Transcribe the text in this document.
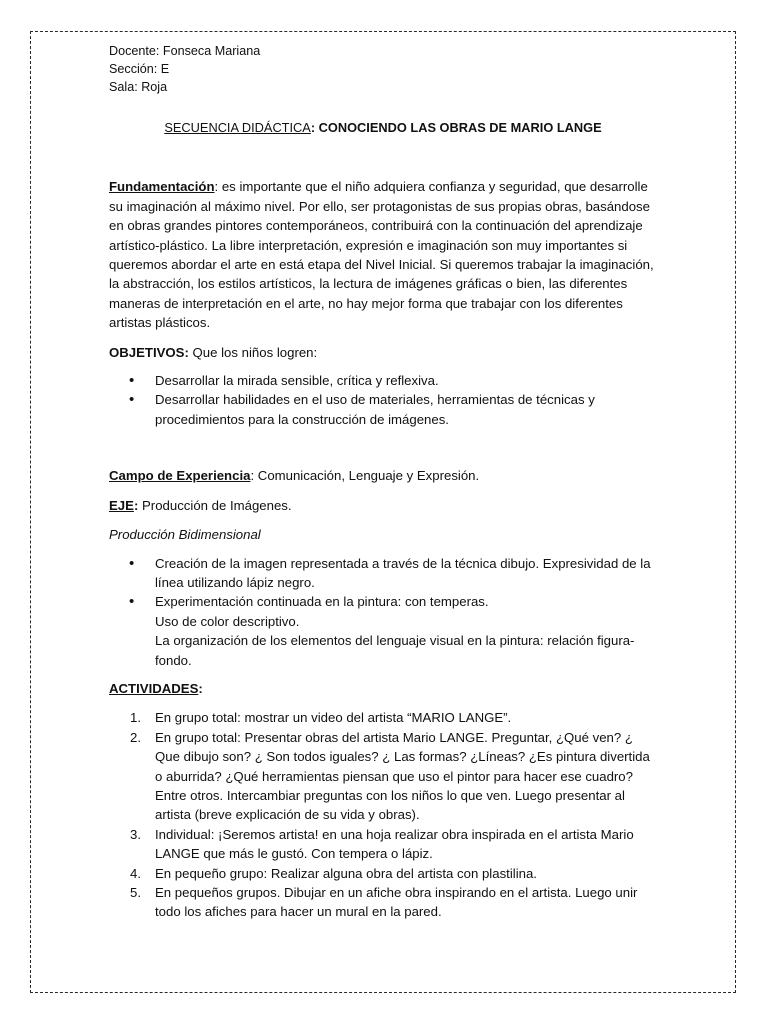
Docente: Fonseca Mariana
Sección: E
Sala: Roja
SECUENCIA DIDÁCTICA: CONOCIENDO LAS OBRAS DE MARIO LANGE

Fundamentación: es importante que el niño adquiera confianza y seguridad, que desarrolle su imaginación al máximo nivel. Por ello, ser protagonistas de sus propias obras, basándose en obras grandes pintores contemporáneos, contribuirá con la continuación del aprendizaje artístico-plástico. La libre interpretación, expresión e imaginación son muy importantes si queremos abordar el arte en está etapa del Nivel Inicial. Si queremos trabajar la imaginación, la abstracción, los estilos artísticos, la lectura de imágenes gráficas o bien, las diferentes maneras de interpretación en el arte, no hay mejor forma que trabajar con los diferentes artistas plásticos.

OBJETIVOS: Que los niños logren:

• Desarrollar la mirada sensible, crítica y reflexiva.
• Desarrollar habilidades en el uso de materiales, herramientas de técnicas y procedimientos para la construcción de imágenes.

Campo de Experiencia: Comunicación, Lenguaje y Expresión.

EJE: Producción de Imágenes.

Producción Bidimensional

• Creación de la imagen representada a través de la técnica dibujo. Expresividad de la línea utilizando lápiz negro.
• Experimentación continuada en la pintura: con temperas.
Uso de color descriptivo.
La organización de los elementos del lenguaje visual en la pintura: relación figura-fondo.

ACTIVIDADES:

1. En grupo total: mostrar un video del artista “MARIO LANGE”.
2. En grupo total: Presentar obras del artista Mario LANGE. Preguntar, ¿Qué ven? ¿ Que dibujo son? ¿ Son todos iguales? ¿ Las formas? ¿Líneas? ¿Es pintura divertida o aburrida? ¿Qué herramientas piensan que uso el pintor para hacer ese cuadro? Entre otros. Intercambiar preguntas con los niños lo que ven. Luego presentar al artista (breve explicación de su vida y obras).
3. Individual: ¡Seremos artista! en una hoja realizar obra inspirada en el artista Mario LANGE que más le gustó. Con tempera o lápiz.
4. En pequeño grupo: Realizar alguna obra del artista con plastilina.
5. En pequeños grupos. Dibujar en un afiche obra inspirando en el artista. Luego unir todo los afiches para hacer un mural en la pared.
